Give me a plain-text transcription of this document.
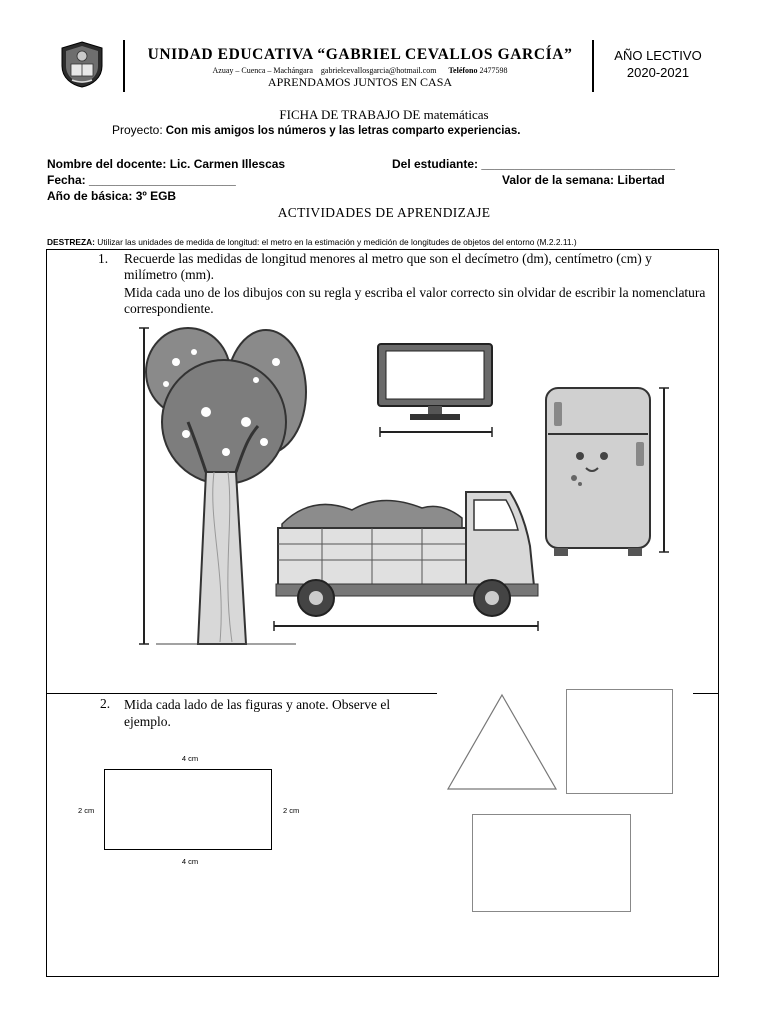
UNIDAD EDUCATIVA “GABRIEL CEVALLOS GARCÍA”
Azuay – Cuenca – Machángara gabrielcevallosgarcia@hotmail.com Teléfono 2477598
APRENDAMOS JUNTOS EN CASA
AÑO LECTIVO
2020-2021
FICHA DE TRABAJO DE matemáticas
Proyecto: Con mis amigos los números y las letras comparto experiencias.
Nombre del docente: Lic. Carmen Illescas	Del estudiante: _____________________________
Fecha: ______________________	Valor de la semana: Libertad
Año de básica: 3º EGB
ACTIVIDADES DE APRENDIZAJE
DESTREZA: Utilizar las unidades de medida de longitud: el metro en la estimación y medición de longitudes de objetos del entorno (M.2.2.11.)
1. Recuerde las medidas de longitud menores al metro que son el decímetro (dm), centímetro (cm) y milímetro (mm).
Mida cada uno de los dibujos con su regla y escriba el valor correcto sin olvidar de escribir la nomenclatura correspondiente.
2. Mida cada lado de las figuras y anote. Observe el ejemplo.
4 cm
4 cm
2 cm	2 cm
